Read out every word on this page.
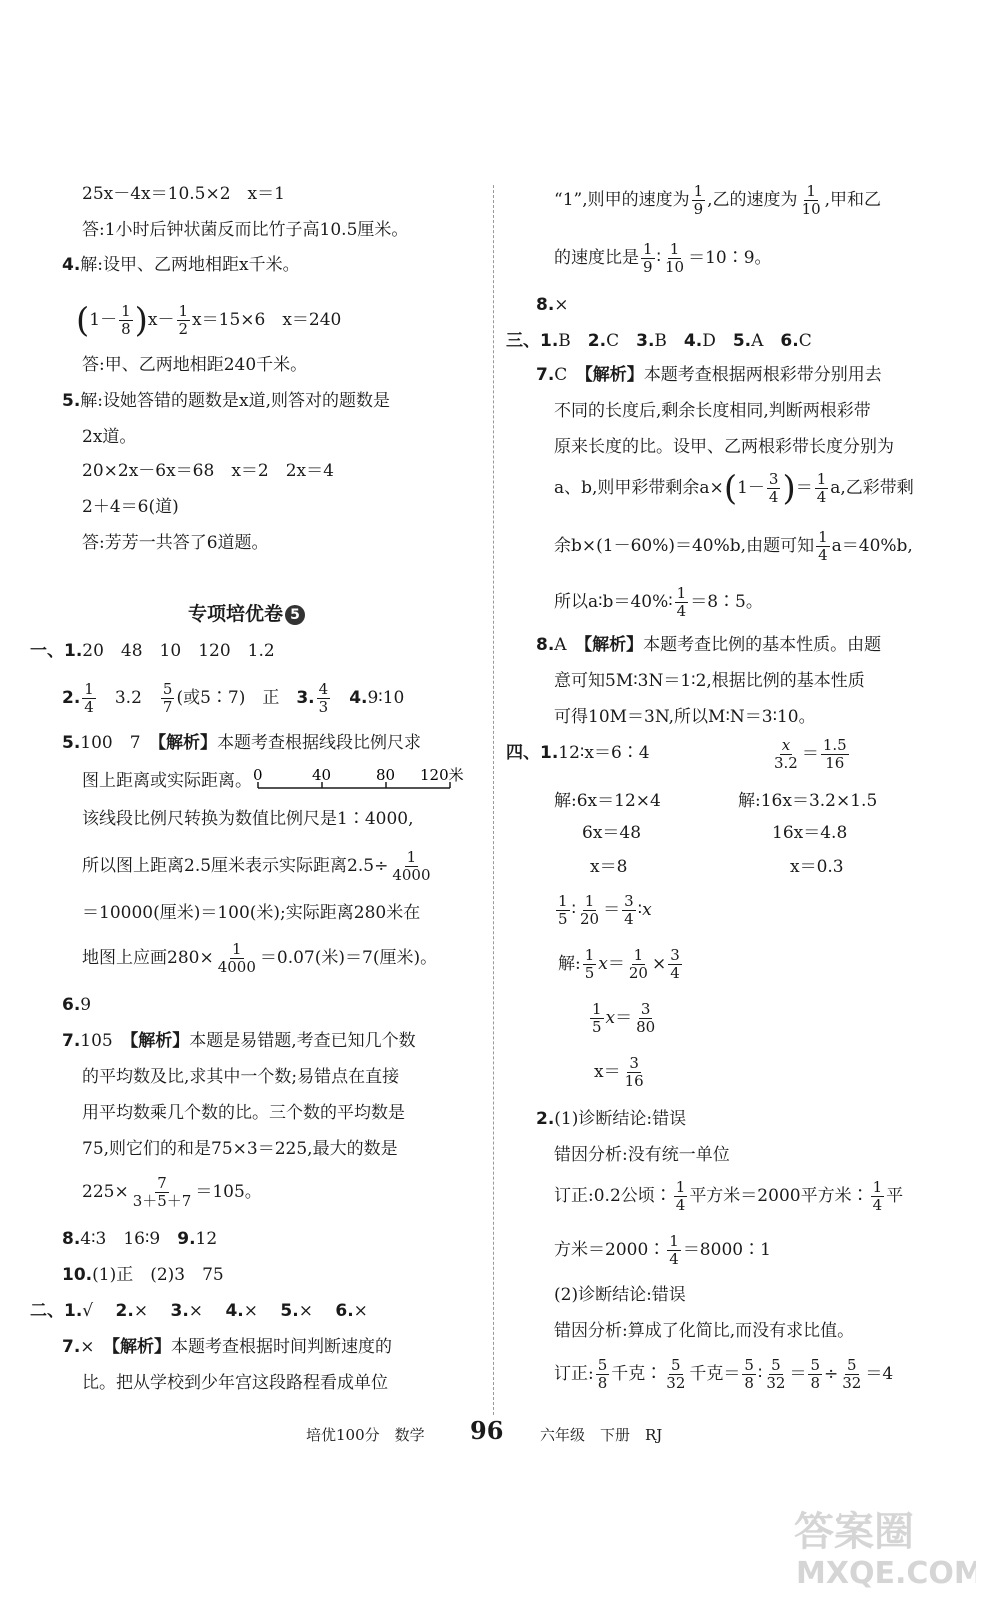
25x－4x＝10.5×2　x＝1
答:1小时后钟状菌反而比竹子高10.5厘米。
4.解:设甲、乙两地相距x千米。
$(1- \frac{1}{8} )x- \frac{1}{2} x=15\times 6$　x＝240
答:甲、乙两地相距240千米。
5.解:设她答错的题数是x道,则答对的题数是
2x道。
20×2x－6x＝68　x＝2　2x＝4
2＋4＝6(道)
答:芳芳一共答了6道题。
专项培优卷 5
一、1.20　48　10　120　1.2
2. $\frac{1}{4}$
　 3.2　 $\frac{5}{7}$ (或5∶7)　正　 3. $\frac{4}{3}$
　 4.9∶10
5.100　7　 【解析】本题考查根据线段比例尺求
图上距离或实际距离。 0	40	80 120米
该线段比例尺转换为数值比例尺是1∶4000,
所以图上距离2.5厘米表示实际距离$2.5\div \frac{1}{4000}$
＝10000(厘米)＝100(米);实际距离280米在
地图上应画$280\times \frac{1}{4000} =0.07$(米)＝7(厘米)。
6.9
7.105　 【解析】本题是易错题,考查已知几个数
的平均数及比,求其中一个数;易错点在直接
用平均数乘几个数的比。三个数的平均数是
75,则它们的和是75×3＝225,最大的数是
$225\times \frac{7}{3+5+7} =105$。
8.4∶3　16∶9　 9.12
10.(1)正　(2)3　75
二、1.√　 2.×　 3.×　 4.×　 5.×　 6.×
7.×　 【解析】本题考查根据时间判断速度的
比。把从学校到少年宫这段路程看成单位
“1”,则甲的速度为 $\frac{1}{9}$ ,乙的速度为 $\frac{1}{10}$ ,甲和乙
的速度比是 $\frac{1}{9}$ ∶ $\frac{1}{10}$ ＝10∶9。
8.×
三、1.B　 2.C　 3.B　 4.D　 5.A　 6.C
7.C　 【解析】本题考查根据两根彩带分别用去
不同的长度后,剩余长度相同,判断两根彩带
原来长度的比。设甲、乙两根彩带长度分别为
a、b,则甲彩带剩余$a\times(1- \frac{3}{4}$ )＝ $\frac{1}{4} a$,乙彩带剩
余b×(1－60%)＝40%b,由题可知 $\frac{1}{4} a=40\%b$,
所以a∶b＝40%∶ $\frac{1}{4}$ ＝8∶5。
8.A　 【解析】本题考查比例的基本性质。由题
意可知5M∶3N＝1∶2,根据比例的基本性质
可得10M＝3N,所以M∶N＝3∶10。
四、1.12∶x＝6∶4	$\frac{x}{3.2} = \frac{1.5}{16}$
解:6x＝12×4
6x＝48
x＝8
解:16x＝3.2×1.5
16x＝4.8
x＝0.3
$\frac{1}{5}$ ∶ $\frac{1}{20} = \frac{3}{4}$ ∶x
解: $\frac{1}{5} x= \frac{1}{20} \times \frac{3}{4}$
$\frac{1}{5} x= \frac{3}{80}$
$x= \frac{3}{16}$
2.(1)诊断结论:错误
错因分析:没有统一单位
订正:0.2公顷∶ $\frac{1}{4}$ 平方米＝2000平方米∶ $\frac{1}{4}$ 平
方米＝2000∶ $\frac{1}{4}$ ＝8000∶1
(2)诊断结论:错误
错因分析:算成了化简比,而没有求比值。
订正: $\frac{5}{8}$ 千克∶ $\frac{5}{32}$ 千克＝ $\frac{5}{8}$ ∶ $\frac{5}{32} = \frac{5}{8} \div \frac{5}{32} =4$
培优100分　数学 96 六年级　下册　RJ
答案圈
MXQE.COM
